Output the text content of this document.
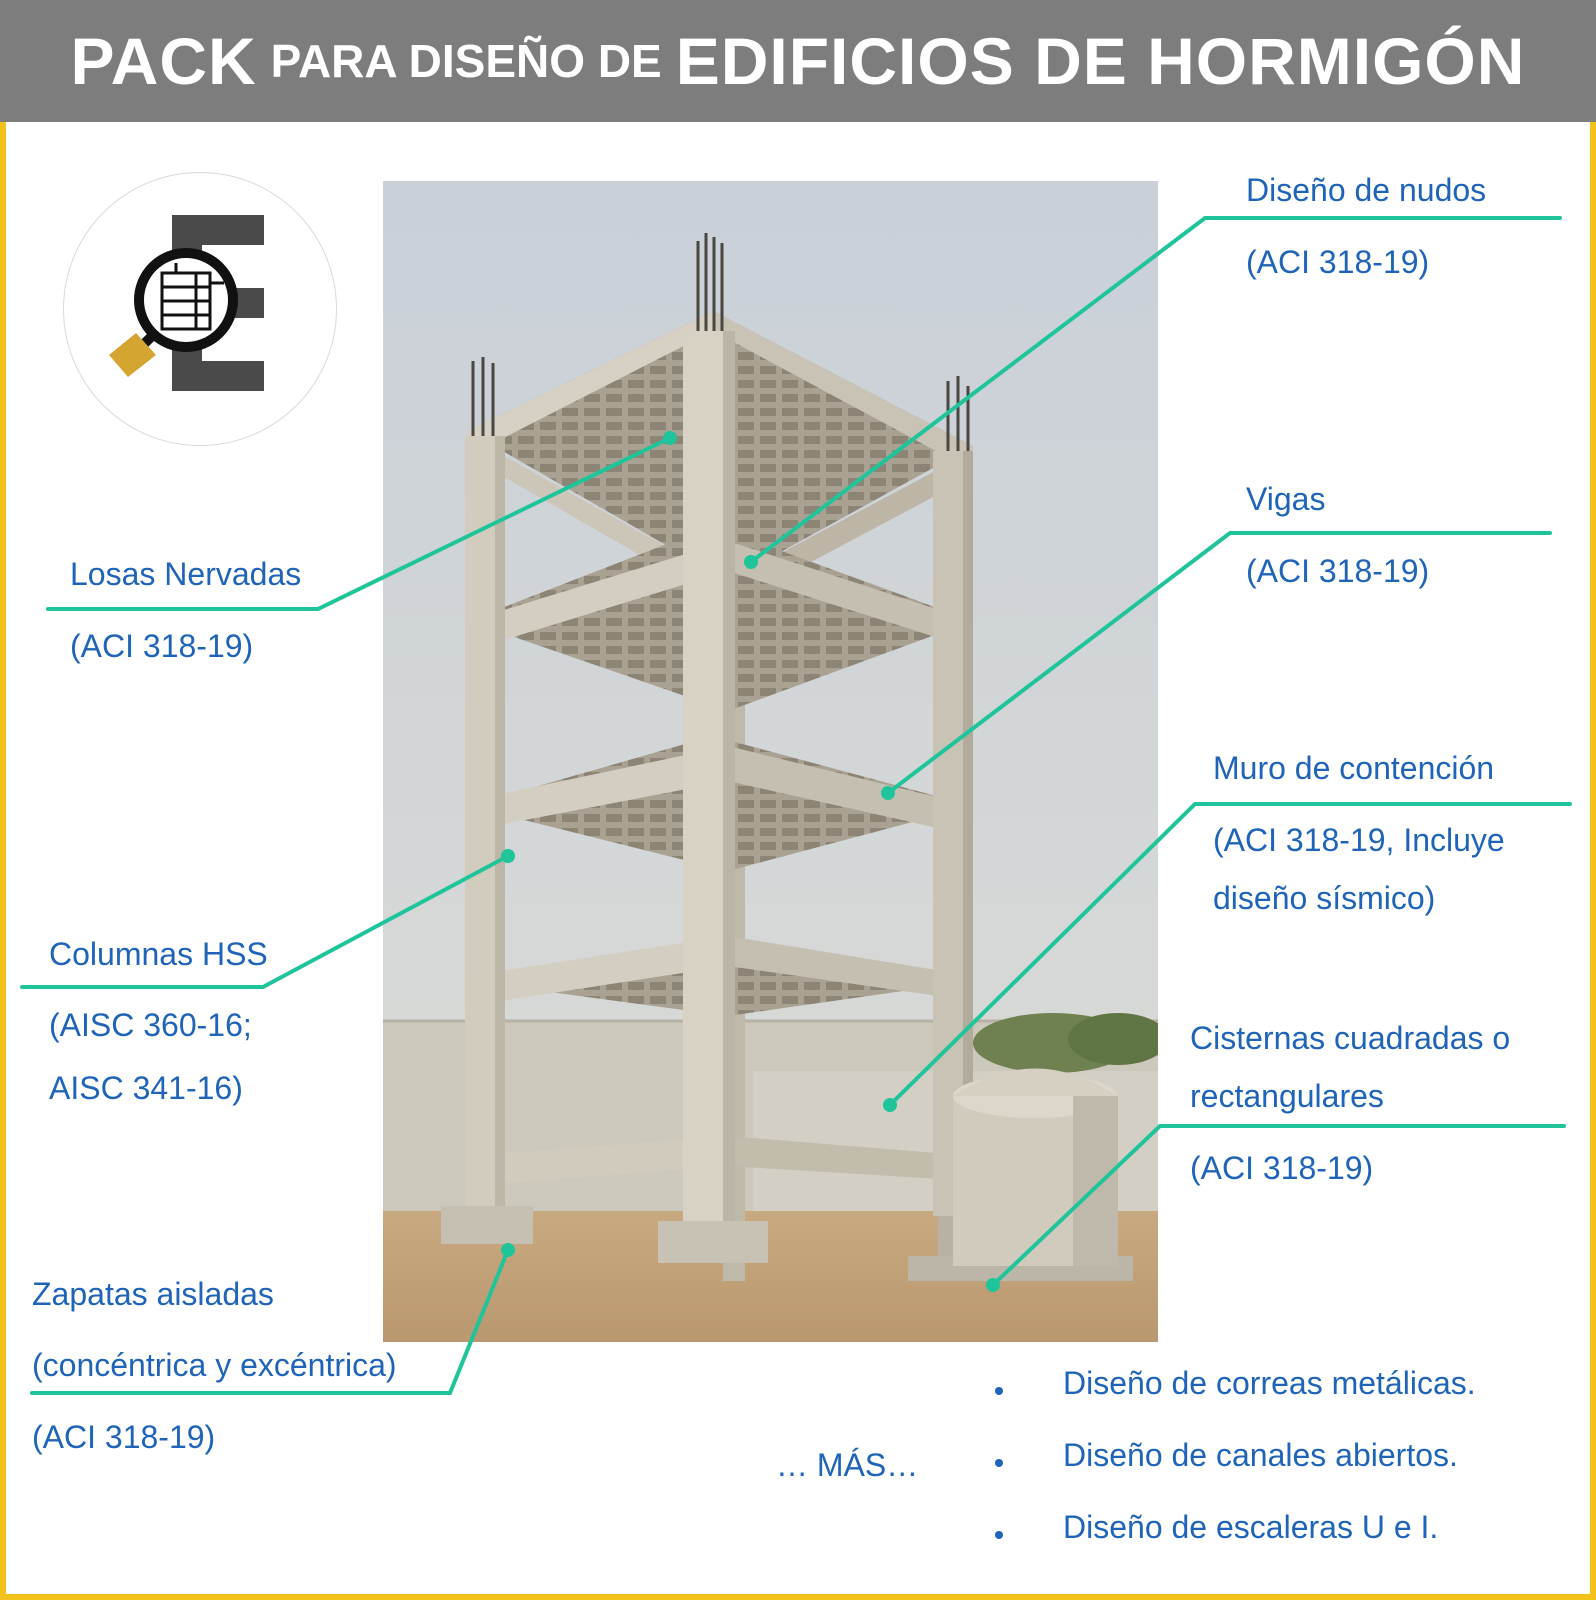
PACK PARA DISEÑO DE EDIFICIOS DE HORMIGÓN
Diseño de nudos
(ACI 318-19)
Vigas
(ACI 318-19)
Muro de contención
(ACI 318-19, Incluye
diseño sísmico)
Cisternas cuadradas o
rectangulares
(ACI 318-19)
Losas Nervadas
(ACI 318-19)
Columnas HSS
(AISC 360-16;
AISC 341-16)
Zapatas aisladas
(concéntrica y excéntrica)
(ACI 318-19)
… MÁS…
Diseño de correas metálicas.
Diseño de canales abiertos.
Diseño de escaleras U e I.
